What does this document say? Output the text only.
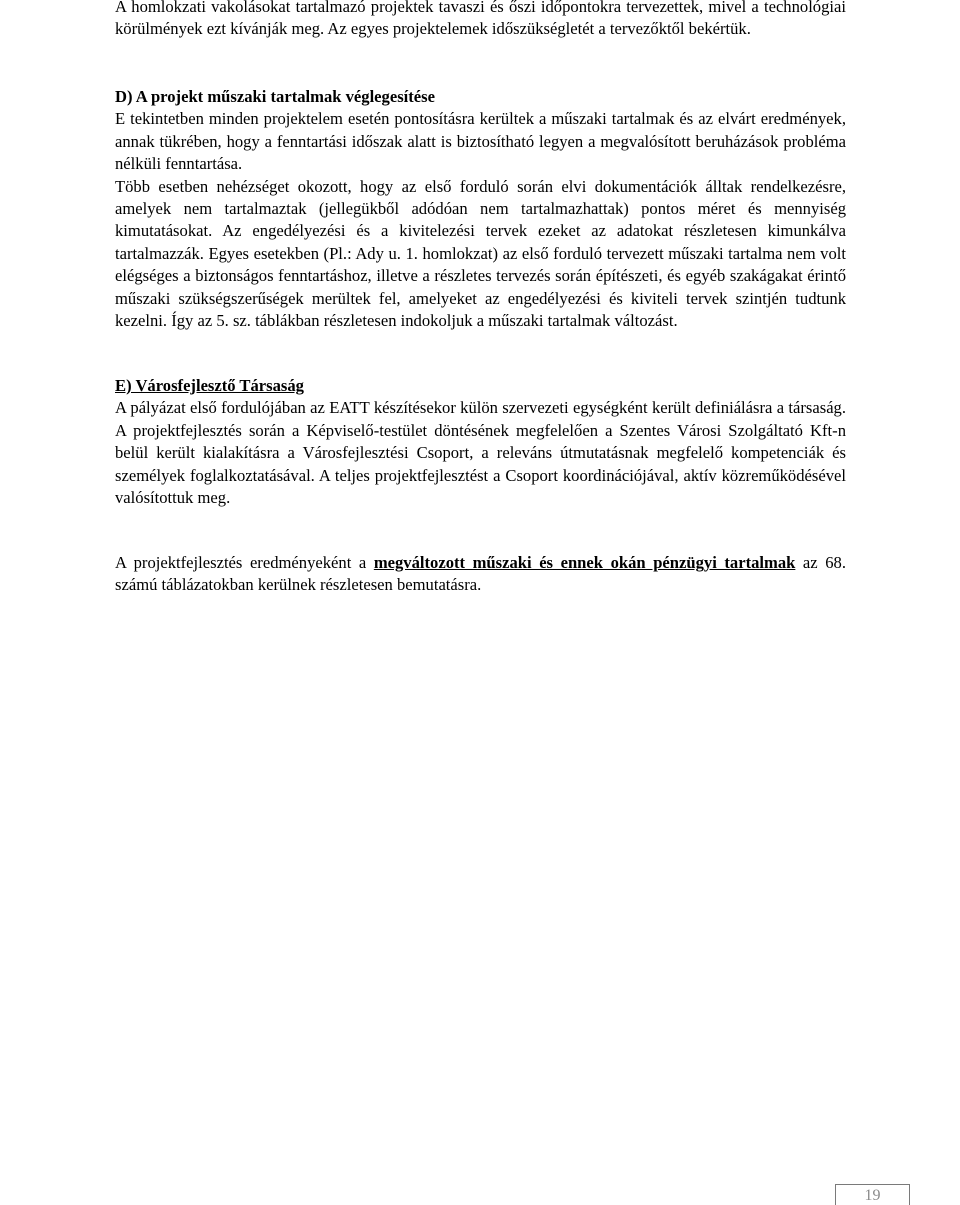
A homlokzati vakolásokat tartalmazó projektek tavaszi és őszi időpontokra tervezettek, mivel a technológiai körülmények ezt kívánják meg. Az egyes projektelemek időszükségletét a tervezőktől bekértük.

D) A projekt műszaki tartalmak véglegesítése

E tekintetben minden projektelem esetén pontosításra kerültek a műszaki tartalmak és az elvárt eredmények, annak tükrében, hogy a fenntartási időszak alatt is biztosítható legyen a megvalósított beruházások probléma nélküli fenntartása.

Több esetben nehézséget okozott, hogy az első forduló során elvi dokumentációk álltak rendelkezésre, amelyek nem tartalmaztak (jellegükből adódóan nem tartalmazhattak) pontos méret és mennyiség kimutatásokat. Az engedélyezési és a kivitelezési tervek ezeket az adatokat részletesen kimunkálva tartalmazzák. Egyes esetekben (Pl.: Ady u. 1. homlokzat) az első forduló tervezett műszaki tartalma nem volt elégséges a biztonságos fenntartáshoz, illetve a részletes tervezés során építészeti, és egyéb szakágakat érintő műszaki szükségszerűségek merültek fel, amelyeket az engedélyezési és kiviteli tervek szintjén tudtunk kezelni. Így az 5. sz. táblákban részletesen indokoljuk a műszaki tartalmak változást.

E) Városfejlesztő Társaság

A pályázat első fordulójában az EATT készítésekor külön szervezeti egységként került definiálásra a társaság. A projektfejlesztés során a Képviselő-testület döntésének megfelelően a Szentes Városi Szolgáltató Kft-n belül került kialakításra a Városfejlesztési Csoport, a releváns útmutatásnak megfelelő kompetenciák és személyek foglalkoztatásával. A teljes projektfejlesztést a Csoport koordinációjával, aktív közreműködésével valósítottuk meg.

A projektfejlesztés eredményeként a megváltozott műszaki és ennek okán pénzügyi tartalmak az 68. számú táblázatokban kerülnek részletesen bemutatásra.

19
